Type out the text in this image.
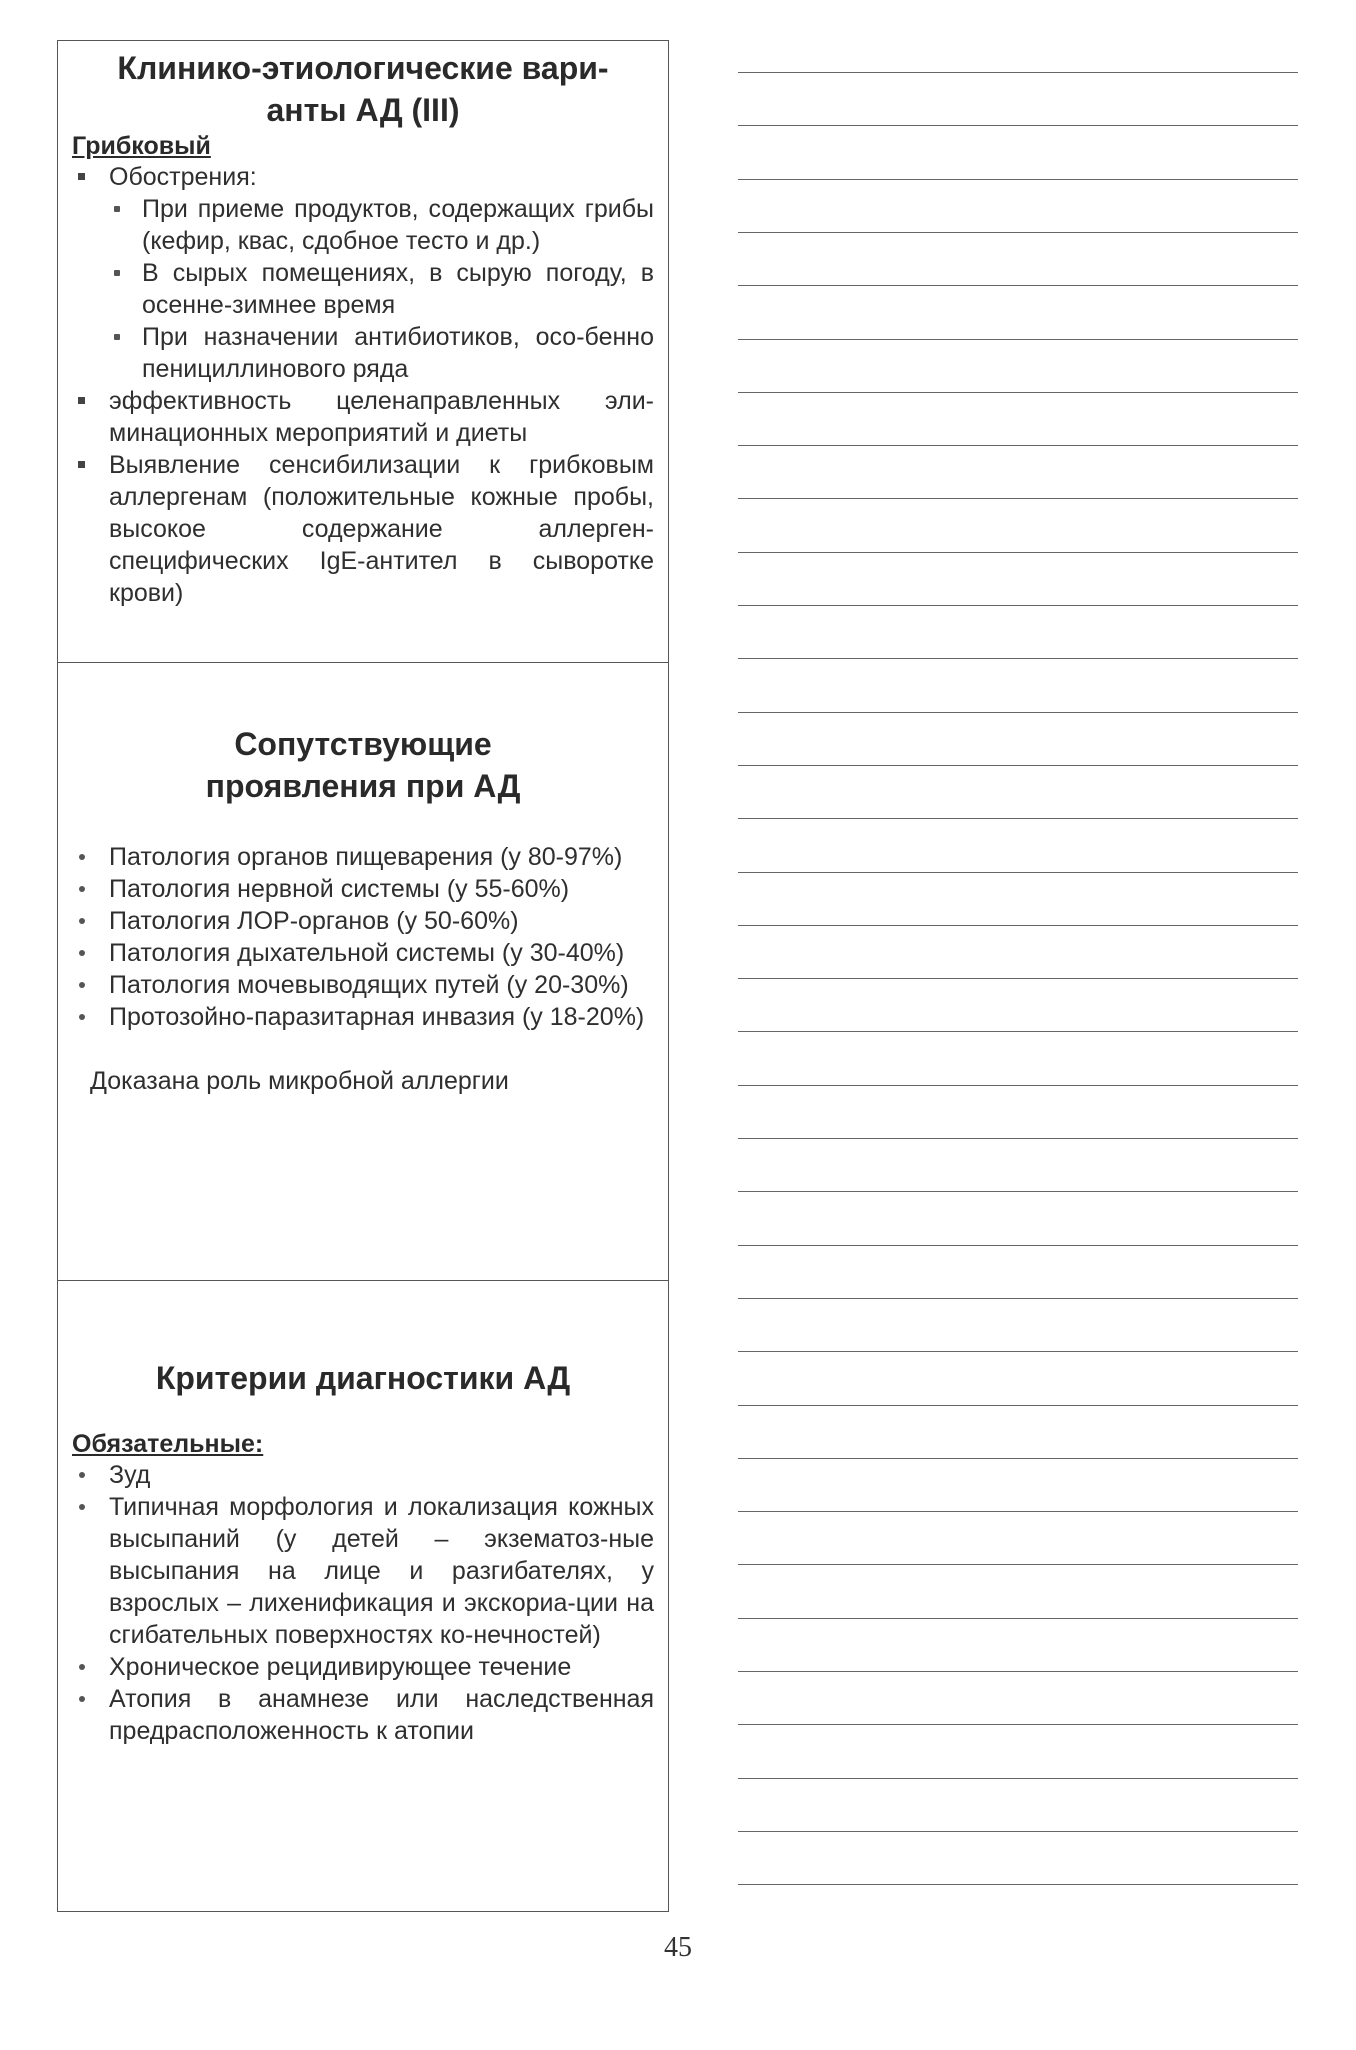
Клинико-этиологические вари-анты АД (III)
Грибковый
Обострения:
При приеме продуктов, содержащих грибы (кефир, квас, сдобное тесто и др.)
В сырых помещениях, в сырую погоду, в осенне-зимнее время
При назначении антибиотиков, осо-бенно пенициллинового ряда
эффективность целенаправленных эли-минационных мероприятий и диеты
Выявление сенсибилизации к грибковым аллергенам (положительные кожные пробы, высокое содержание аллерген-специфических IgE-антител в сыворотке крови)
Сопутствующие проявления при АД
Патология органов пищеварения (у 80-97%)
Патология нервной системы (у 55-60%)
Патология ЛОР-органов (у 50-60%)
Патология дыхательной системы (у 30-40%)
Патология мочевыводящих путей (у 20-30%)
Протозойно-паразитарная инвазия (у 18-20%)
Доказана роль микробной аллергии
Критерии диагностики АД
Обязательные:
Зуд
Типичная морфология и локализация кожных высыпаний (у детей – экзематоз-ные высыпания на лице и разгибателях, у взрослых – лихенификация и экскориа-ции на сгибательных поверхностях ко-нечностей)
Хроническое рецидивирующее течение
Атопия в анамнезе или наследственная предрасположенность к атопии
45
